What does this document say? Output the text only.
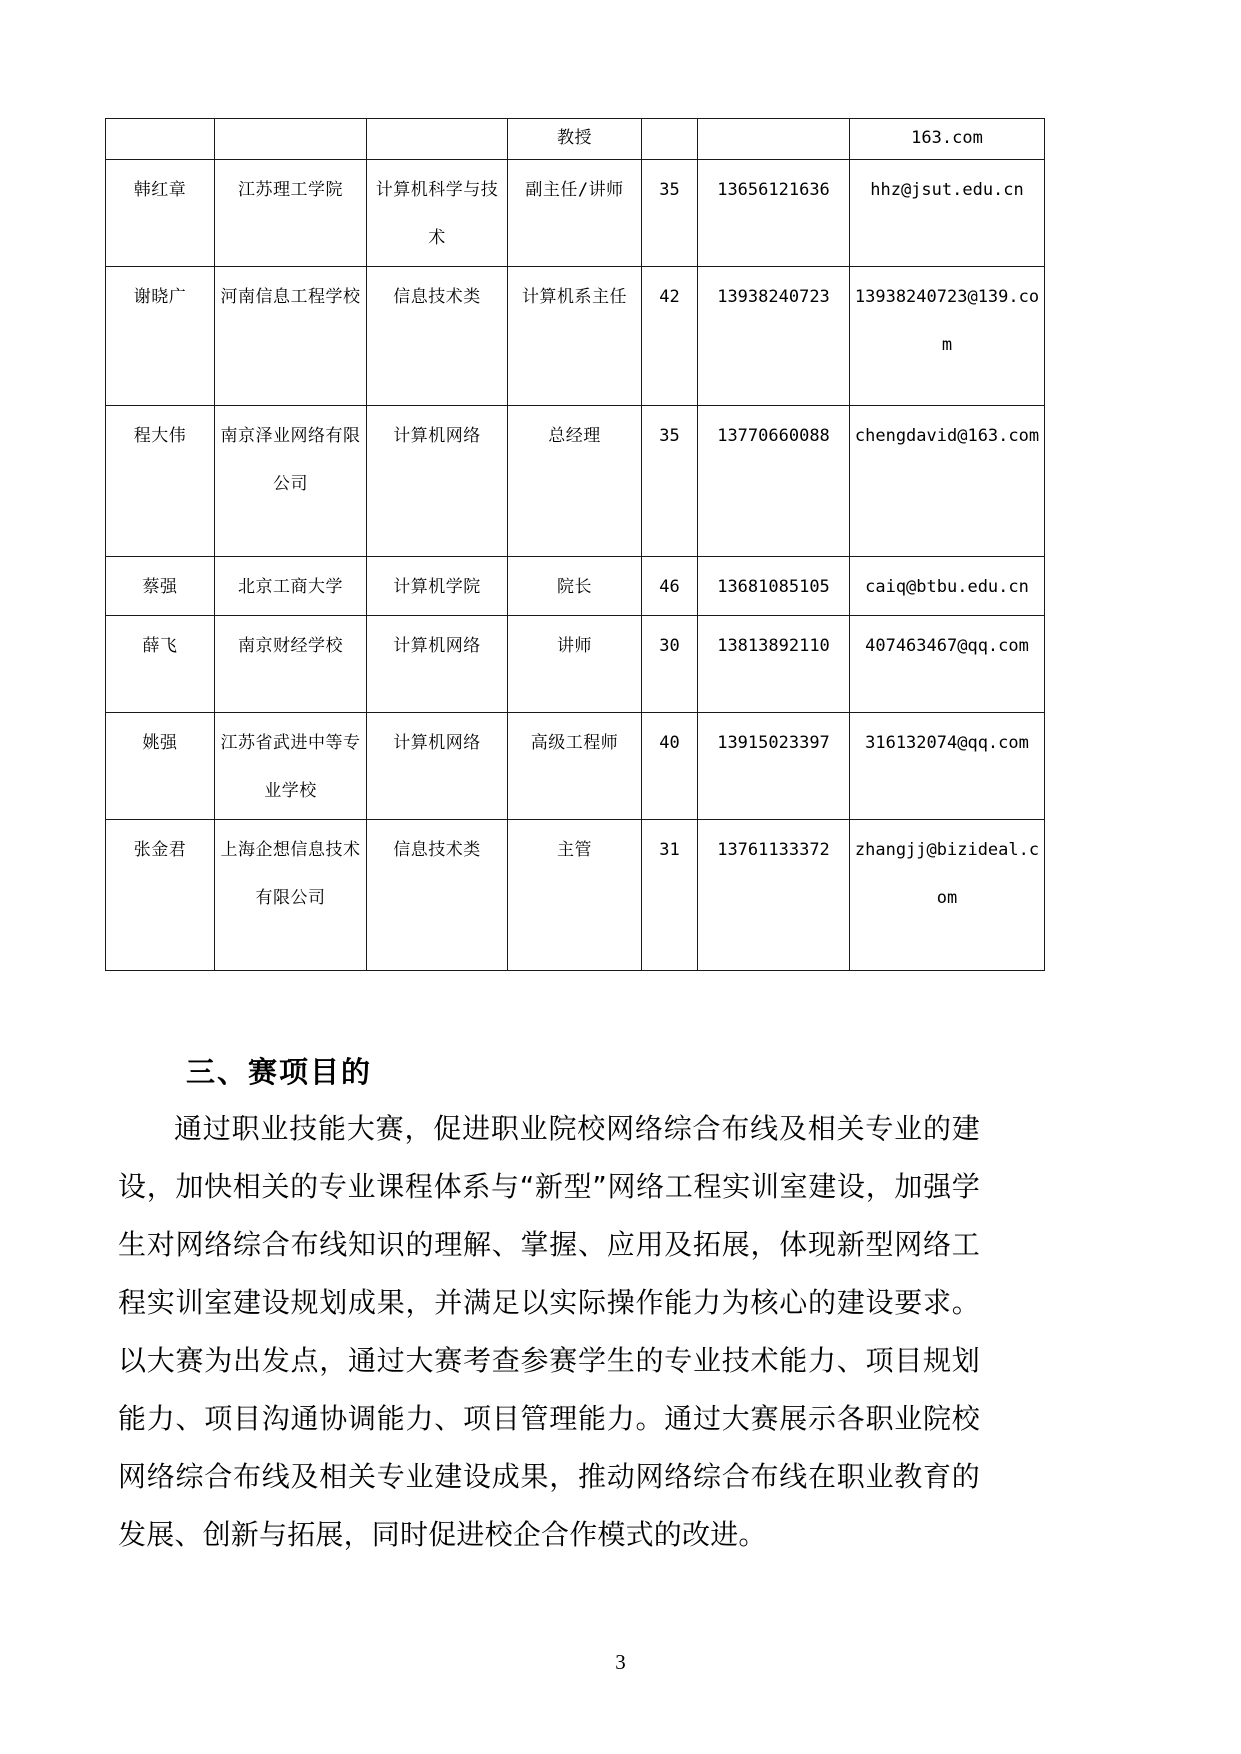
			教授			163.com
韩红章	江苏理工学院	计算机科学与技术	副主任/讲师	35	13656121636	hhz@jsut.edu.cn
谢晓广	河南信息工程学校	信息技术类	计算机系主任	42	13938240723	13938240723@139.com
程大伟	南京泽业网络有限公司	计算机网络	总经理	35	13770660088	chengdavid@163.com
蔡强	北京工商大学	计算机学院	院长	46	13681085105	caiq@btbu.edu.cn
薛飞	南京财经学校	计算机网络	讲师	30	13813892110	407463467@qq.com
姚强	江苏省武进中等专业学校	计算机网络	高级工程师	40	13915023397	316132074@qq.com
张金君	上海企想信息技术有限公司	信息技术类	主管	31	13761133372	zhangjj@bizideal.com
三、赛项目的

通过职业技能大赛，促进职业院校网络综合布线及相关专业的建设，加快相关的专业课程体系与“新型”网络工程实训室建设，加强学生对网络综合布线知识的理解、掌握、应用及拓展，体现新型网络工程实训室建设规划成果，并满足以实际操作能力为核心的建设要求。以大赛为出发点，通过大赛考查参赛学生的专业技术能力、项目规划能力、项目沟通协调能力、项目管理能力。通过大赛展示各职业院校网络综合布线及相关专业建设成果，推动网络综合布线在职业教育的发展、创新与拓展，同时促进校企合作模式的改进。

3
